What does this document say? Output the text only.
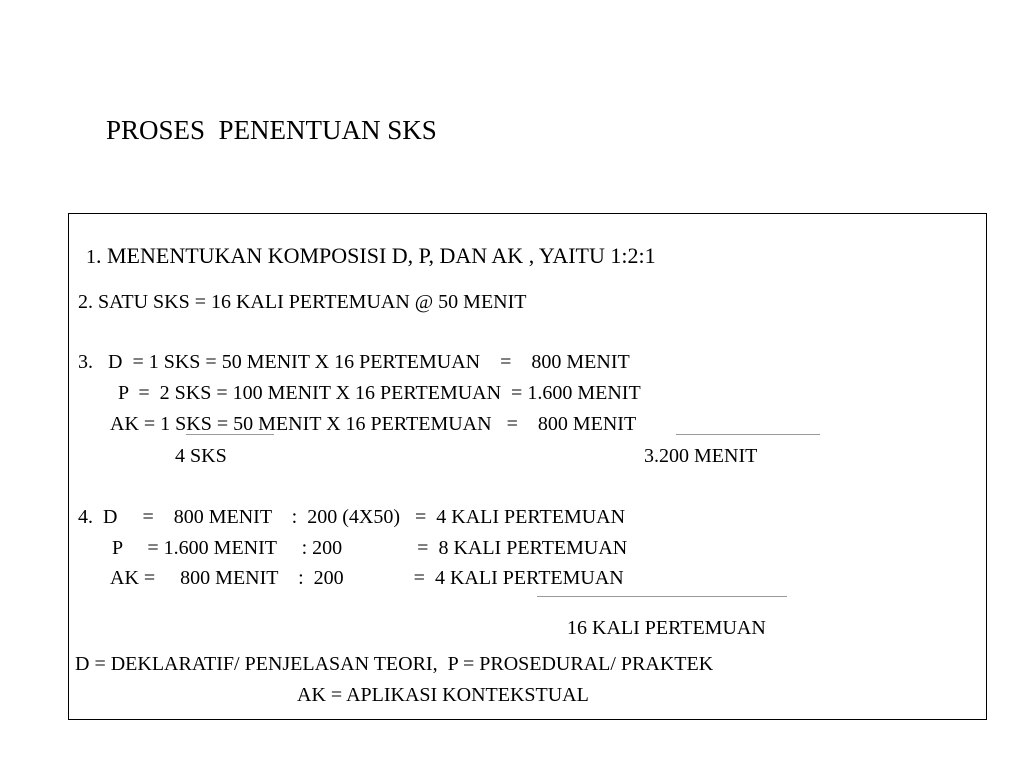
PROSES  PENENTUAN SKS

1. MENENTUKAN KOMPOSISI D, P, DAN AK , YAITU 1:2:1

2. SATU SKS = 16 KALI PERTEMUAN @ 50 MENIT
3.   D  = 1 SKS = 50 MENIT X 16 PERTEMUAN    =    800 MENIT
P  =  2 SKS = 100 MENIT X 16 PERTEMUAN  = 1.600 MENIT
AK = 1 SKS = 50 MENIT X 16 PERTEMUAN   =    800 MENIT
4 SKS	3.200 MENIT
4.  D     =    800 MENIT    :  200 (4X50)   =  4 KALI PERTEMUAN
P     = 1.600 MENIT     : 200               =  8 KALI PERTEMUAN
AK =     800 MENIT    :  200              =  4 KALI PERTEMUAN
16 KALI PERTEMUAN
D = DEKLARATIF/ PENJELASAN TEORI,  P = PROSEDURAL/ PRAKTEK
AK = APLIKASI KONTEKSTUAL
